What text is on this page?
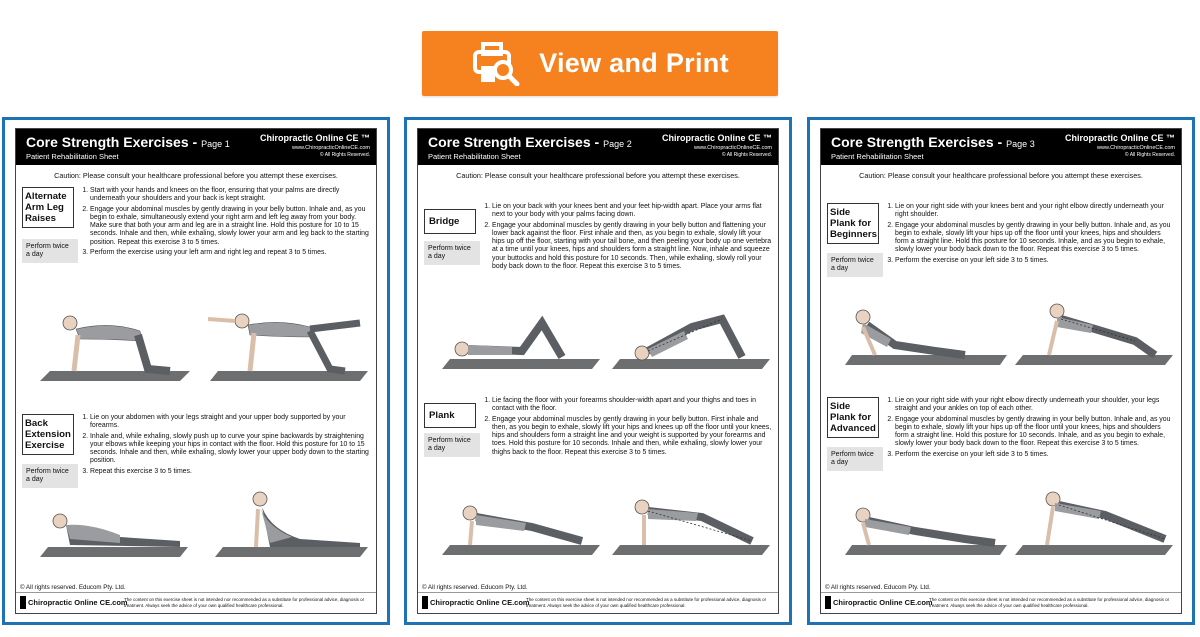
View and Print
Core Strength Exercises - Page 1
Patient Rehabilitation Sheet
Chiropractic Online CE ™
www.ChiropracticOnlineCE.com
© All Rights Reserved.
Caution: Please consult your healthcare professional before you attempt these exercises.
Alternate Arm Leg Raises
Perform twice a day
1. Start with your hands and knees on the floor, ensuring that your palms are directly underneath your shoulders and your back is kept straight.
2. Engage your abdominal muscles by gently drawing in your belly button. Inhale and, as you begin to exhale, simultaneously extend your right arm and left leg away from your body. Make sure that both your arm and leg are in a straight line. Hold this posture for 10 to 15 seconds. Inhale and then, while exhaling, slowly lower your arm and leg back to the starting position. Repeat this exercise 3 to 5 times.
3. Perform the exercise using your left arm and right leg and repeat 3 to 5 times.
Back Extension Exercise
Perform twice a day
1. Lie on your abdomen with your legs straight and your upper body supported by your forearms.
2. Inhale and, while exhaling, slowly push up to curve your spine backwards by straightening your elbows while keeping your hips in contact with the floor. Hold this posture for 10 to 15 seconds. Inhale and then, while exhaling, slowly lower your upper body down to the starting position.
3. Repeat this exercise 3 to 5 times.
© All rights reserved. Educom Pty. Ltd.
Chiropractic Online CE.com
The content on this exercise sheet is not intended nor recommended as a substitute for professional advice, diagnosis or treatment. Always seek the advice of your own qualified healthcare professional.
Core Strength Exercises - Page 2
Patient Rehabilitation Sheet
Chiropractic Online CE ™
www.ChiropracticOnlineCE.com
© All Rights Reserved.
Caution: Please consult your healthcare professional before you attempt these exercises.
Bridge
Perform twice a day
1. Lie on your back with your knees bent and your feet hip-width apart. Place your arms flat next to your body with your palms facing down.
2. Engage your abdominal muscles by gently drawing in your belly button and flattening your lower back against the floor. First inhale and then, as you begin to exhale, slowly lift your hips up off the floor, starting with your tail bone, and then peeling your body up one vertebra at a time until your knees, hips and shoulders form a straight line. Now, inhale and squeeze your buttocks and hold this posture for 10 seconds. Then, while exhaling, slowly roll your body back down to the floor. Repeat this exercise 3 to 5 times.
Plank
Perform twice a day
1. Lie facing the floor with your forearms shoulder-width apart and your thighs and toes in contact with the floor.
2. Engage your abdominal muscles by gently drawing in your belly button. First inhale and then, as you begin to exhale, slowly lift your hips and knees up off the floor until your knees, hips and shoulders form a straight line and your weight is supported by your forearms and toes. Hold this posture for 10 seconds. Inhale and then, while exhaling, slowly lower your thighs back to the floor. Repeat this exercise 3 to 5 times.
© All rights reserved. Educom Pty. Ltd.
Chiropractic Online CE.com
The content on this exercise sheet is not intended nor recommended as a substitute for professional advice, diagnosis or treatment. Always seek the advice of your own qualified healthcare professional.
Core Strength Exercises - Page 3
Patient Rehabilitation Sheet
Chiropractic Online CE ™
www.ChiropracticOnlineCE.com
© All Rights Reserved.
Caution: Please consult your healthcare professional before you attempt these exercises.
Side Plank for Beginners
Perform twice a day
1. Lie on your right side with your knees bent and your right elbow directly underneath your right shoulder.
2. Engage your abdominal muscles by gently drawing in your belly button. Inhale and, as you begin to exhale, slowly lift your hips up off the floor until your knees, hips and shoulders form a straight line. Hold this posture for 10 seconds. Inhale, and as you begin to exhale, slowly lower your body back down to the floor. Repeat this exercise 3 to 5 times.
3. Perform the exercise on your left side 3 to 5 times.
Side Plank for Advanced
Perform twice a day
1. Lie on your right side with your right elbow directly underneath your shoulder, your legs straight and your ankles on top of each other.
2. Engage your abdominal muscles by gently drawing in your belly button. Inhale and, as you begin to exhale, slowly lift your hips up off the floor until your knees, hips and shoulders form a straight line. Hold this posture for 10 seconds. Inhale, and as you begin to exhale, slowly lower your body back down to the floor. Repeat this exercise 3 to 5 times.
3. Perform the exercise on your left side 3 to 5 times.
© All rights reserved. Educom Pty. Ltd.
Chiropractic Online CE.com
The content on this exercise sheet is not intended nor recommended as a substitute for professional advice, diagnosis or treatment. Always seek the advice of your own qualified healthcare professional.
